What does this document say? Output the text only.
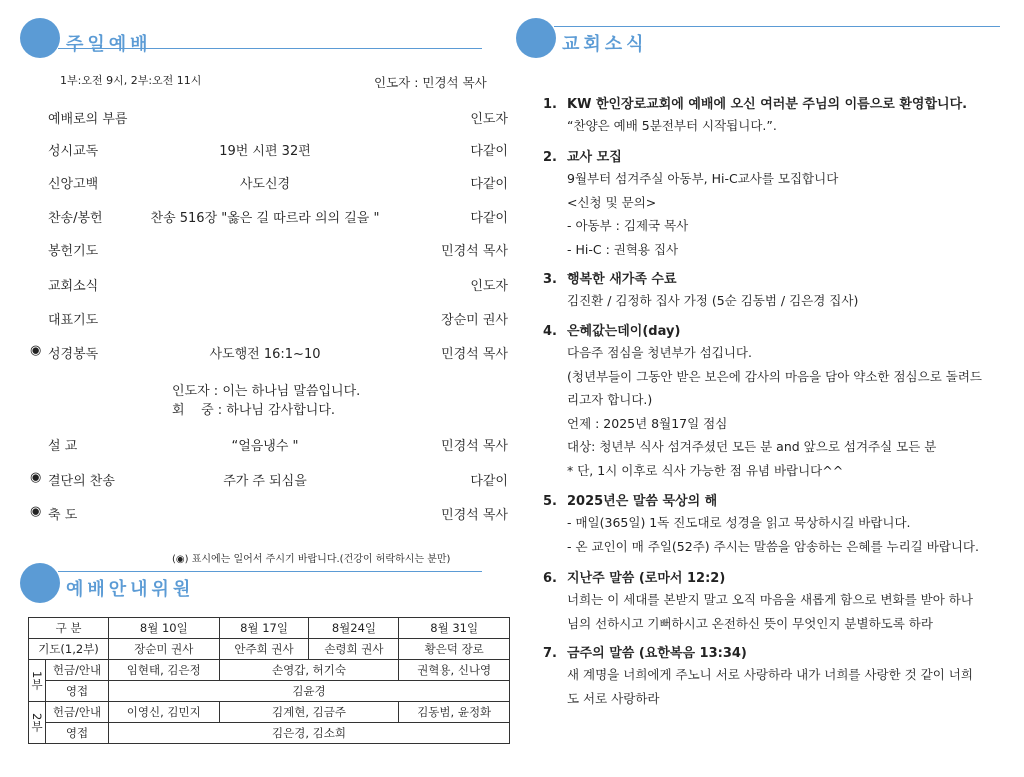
주일예배
1부:오전 9시, 2부:오전 11시	인도자 : 민경석 목사
예배로의 부름	인도자
성시교독	19번 시편 32편	다같이
신앙고백	사도신경	다같이
찬송/봉헌	찬송 516장 "옳은 길 따르라 의의 길을 "	다같이
봉헌기도	민경석 목사
교회소식	인도자
대표기도	장순미 권사
◉ 성경봉독	사도행전 16:1~10	민경석 목사
인도자 : 이는 하나님 말씀입니다.
회    중 : 하나님 감사합니다.
설 교	“얼음냉수 "	민경석 목사
◉ 결단의 찬송	주가 주 되심을	다같이
◉ 축 도	민경석 목사
(◉) 표시에는 일어서 주시기 바랍니다.(건강이 허락하시는 분만)
예배안내위원
구 분		8월 10일	8월 17일	8월24일	8월 31일
기도(1,2부)		장순미 권사	안주희 권사	손령희 권사	황은덕 장로
1부	헌금/안내	임현태, 김은정	손영갑, 허기숙		권혁용, 신나영
	영접	김윤경			
2부	헌금/안내	이영신, 김민지	김계현, 김금주		김동범, 윤정화
	영접	김은경, 김소희			
교회소식
1. KW 한인장로교회에 예배에 오신 여러분 주님의 이름으로 환영합니다.
“찬양은 예배 5분전부터 시작됩니다.”.
2. 교사 모집
9월부터 섬겨주실 아동부, Hi-C교사를 모집합니다
<신청 및 문의>
- 아동부 : 김제국 목사
- Hi-C : 권혁용 집사
3. 행복한 새가족 수료
김진환 / 김정하 집사 가정 (5순 김동범 / 김은경 집사)
4. 은혜값는데이(day)
다음주 점심을 청년부가 섬깁니다.
(청년부들이 그동안 받은 보은에 감사의 마음을 담아 약소한 점심으로 돌려드
리고자 합니다.)
언제 : 2025년 8월17일 점심
대상: 청년부 식사 섬겨주셨던 모든 분 and 앞으로 섬겨주실 모든 분
* 단, 1시 이후로 식사 가능한 점 유념 바랍니다^^
5. 2025년은 말씀 묵상의 해
- 매일(365일) 1독 진도대로 성경을 읽고 묵상하시길 바랍니다.
- 온 교인이 매 주일(52주) 주시는 말씀을 암송하는 은혜를 누리길 바랍니다.
6. 지난주 말씀 (로마서 12:2)
너희는 이 세대를 본받지 말고 오직 마음을 새롭게 함으로 변화를 받아 하나
님의 선하시고 기뻐하시고 온전하신 뜻이 무엇인지 분별하도록 하라
7. 금주의 말씀 (요한복음 13:34)
새 계명을 너희에게 주노니 서로 사랑하라 내가 너희를 사랑한 것 같이 너희
도 서로 사랑하라
